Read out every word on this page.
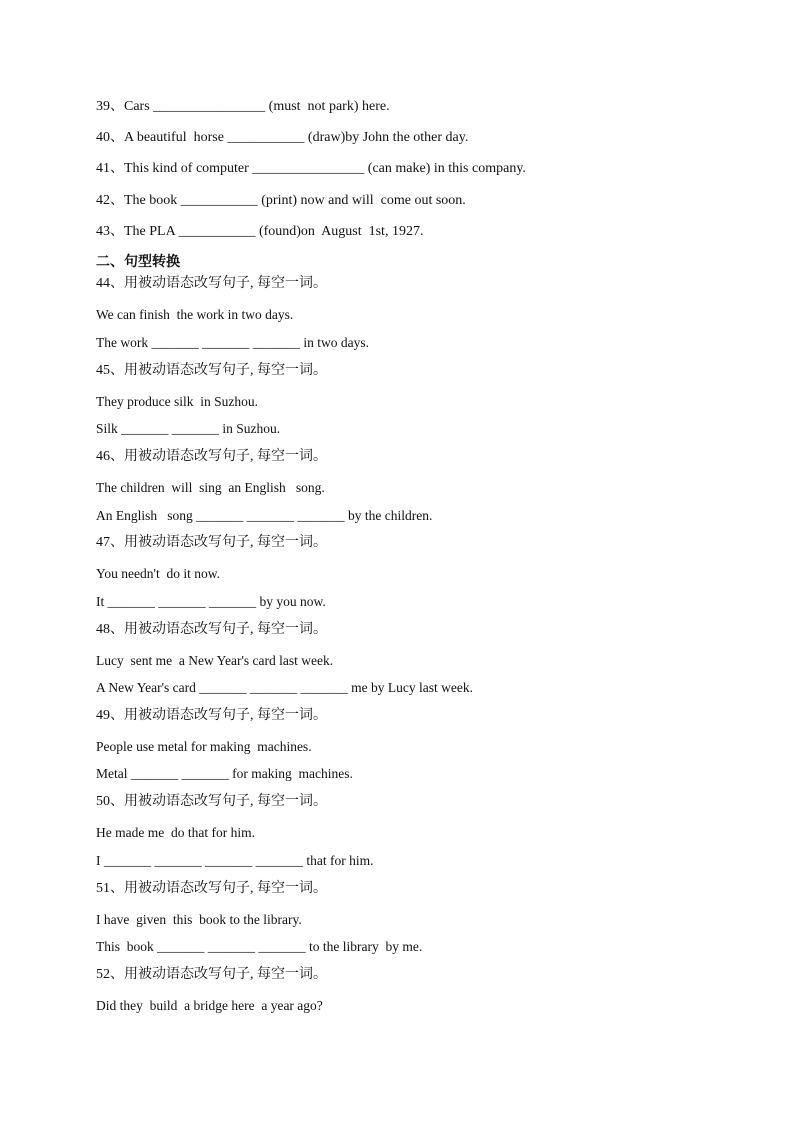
39、Cars ________________ (must  not park) here.
40、A beautiful  horse ___________ (draw)by John the other day.
41、This kind of computer ________________ (can make) in this company.
42、The book ___________ (print) now and will  come out soon.
43、The PLA ___________ (found)on  August  1st, 1927.
二、句型转换
44、用被动语态改写句子, 每空一词。
We can finish  the work in two days.
The work _______ _______ _______ in two days.
45、用被动语态改写句子, 每空一词。
They produce silk  in Suzhou.
Silk _______ _______ in Suzhou.
46、用被动语态改写句子, 每空一词。
The children  will  sing  an English   song.
An English   song _______ _______ _______ by the children.
47、用被动语态改写句子, 每空一词。
You needn't  do it now.
It _______ _______ _______ by you now.
48、用被动语态改写句子, 每空一词。
Lucy  sent me  a New Year's card last week.
A New Year's card _______ _______ _______ me by Lucy last week.
49、用被动语态改写句子, 每空一词。
People use metal for making  machines.
Metal _______ _______ for making  machines.
50、用被动语态改写句子, 每空一词。
He made me  do that for him.
I _______ _______ _______ _______ that for him.
51、用被动语态改写句子, 每空一词。
I have  given  this  book to the library.
This  book _______ _______ _______ to the library  by me.
52、用被动语态改写句子, 每空一词。
Did they  build  a bridge here  a year ago?
